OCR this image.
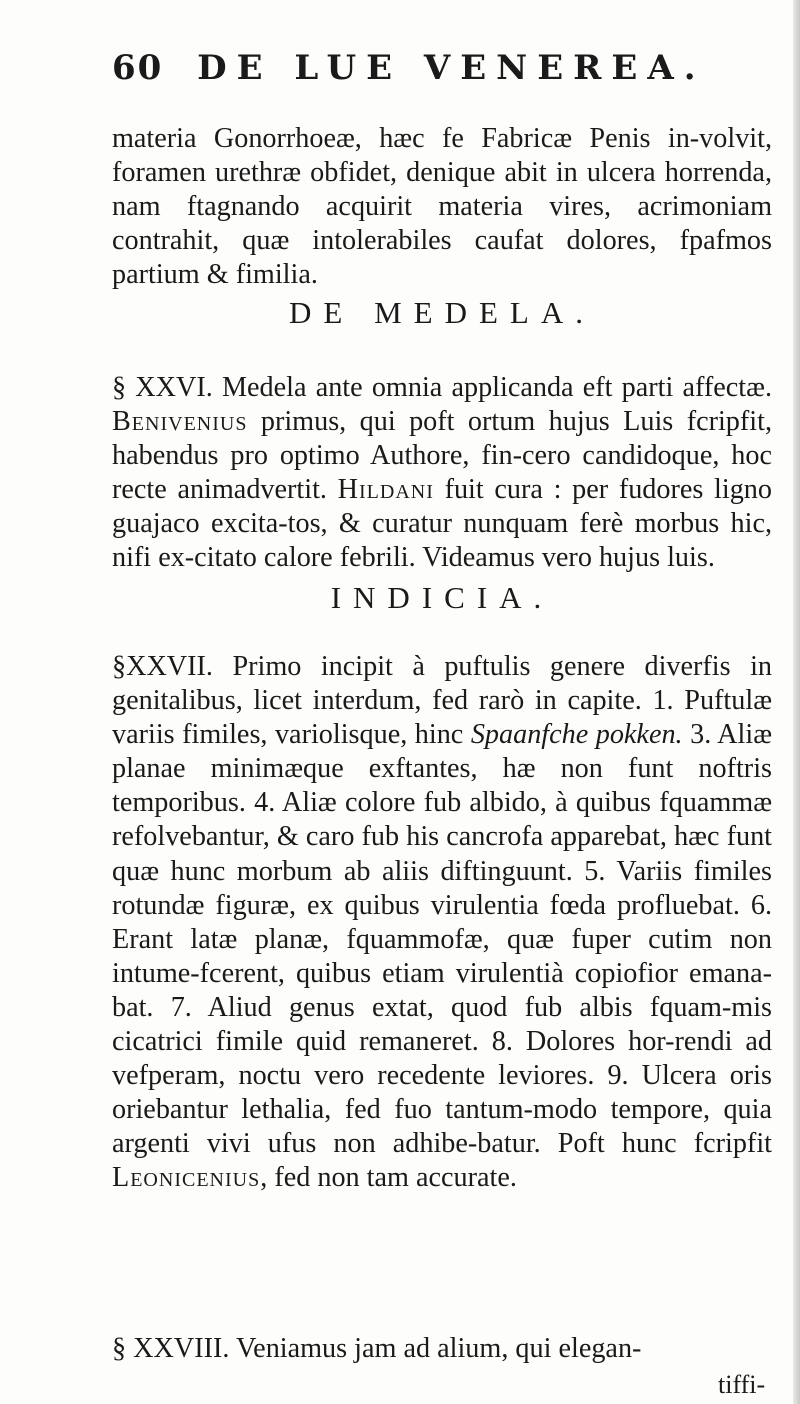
60 DE LUE VENEREA.

materia Gonorrhoeæ, hæc fe Fabricæ Penis in-volvit, foramen urethræ obfidet, denique abit in ulcera horrenda, nam ftagnando acquirit materia vires, acrimoniam contrahit, quæ intolerabiles caufat dolores, fpafmos partium & fimilia.

DE MEDELA.

§ XXVI. Medela ante omnia applicanda eft parti affectæ. Benivenius primus, qui poft ortum hujus Luis fcripfit, habendus pro optimo Authore, fin-cero candidoque, hoc recte animadvertit. Hildani fuit cura : per fudores ligno guajaco excita-tos, & curatur nunquam ferè morbus hic, nifi ex-citato calore febrili. Videamus vero hujus luis.

INDICIA.

§XXVII. Primo incipit à puftulis genere diverfis in genitalibus, licet interdum, fed rarò in capite. 1. Puftulæ variis fimiles, variolisque, hinc Spaanfche pokken. 3. Aliæ planae minimæque exftantes, hæ non funt noftris temporibus. 4. Aliæ colore fub albido, à quibus fquammæ refolvebantur, & caro fub his cancrofa apparebat, hæc funt quæ hunc morbum ab aliis diftinguunt. 5. Variis fimiles rotundæ figuræ, ex quibus virulentia fœda profluebat. 6. Erant latæ planæ, fquammofæ, quæ fuper cutim non intume-fcerent, quibus etiam virulentià copiofior emana-bat. 7. Aliud genus extat, quod fub albis fquam-mis cicatrici fimile quid remaneret. 8. Dolores hor-rendi ad vefperam, noctu vero recedente leviores. 9. Ulcera oris oriebantur lethalia, fed fuo tantum-modo tempore, quia argenti vivi ufus non adhibe-batur. Poft hunc fcripfit Leonicenius, fed non tam accurate.

§ XXVIII. Veniamus jam ad alium, qui elegan-

tiffi-
